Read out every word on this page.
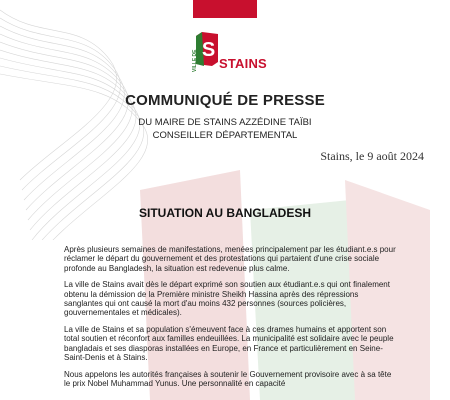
S
VILLE DE STAINS
COMMUNIQUÉ DE PRESSE
DU MAIRE DE STAINS AZZÉDINE TAÏBI
CONSEILLER DÉPARTEMENTAL
Stains, le 9 août 2024
SITUATION AU BANGLADESH

Après plusieurs semaines de manifestations, menées principalement par les étudiant.e.s pour réclamer le départ du gouvernement et des protestations qui partaient d'une crise sociale profonde au Bangladesh, la situation est redevenue plus calme.

La ville de Stains avait dès le départ exprimé son soutien aux étudiant.e.s qui ont finalement obtenu la démission de la Première ministre Sheikh Hassina après des répressions sanglantes qui ont causé la mort d'au moins 432 personnes (sources policières, gouvernementales et médicales).

La ville de Stains et sa population s'émeuvent face à ces drames humains et apportent son total soutien et réconfort aux familles endeuillées. La municipalité est solidaire avec le peuple bangladais et ses diasporas installées en Europe, en France et particulièrement en Seine-Saint-Denis et à Stains.

Nous appelons les autorités françaises à soutenir le Gouvernement provisoire avec à sa tête le prix Nobel Muhammad Yunus. Une personnalité en capacité
